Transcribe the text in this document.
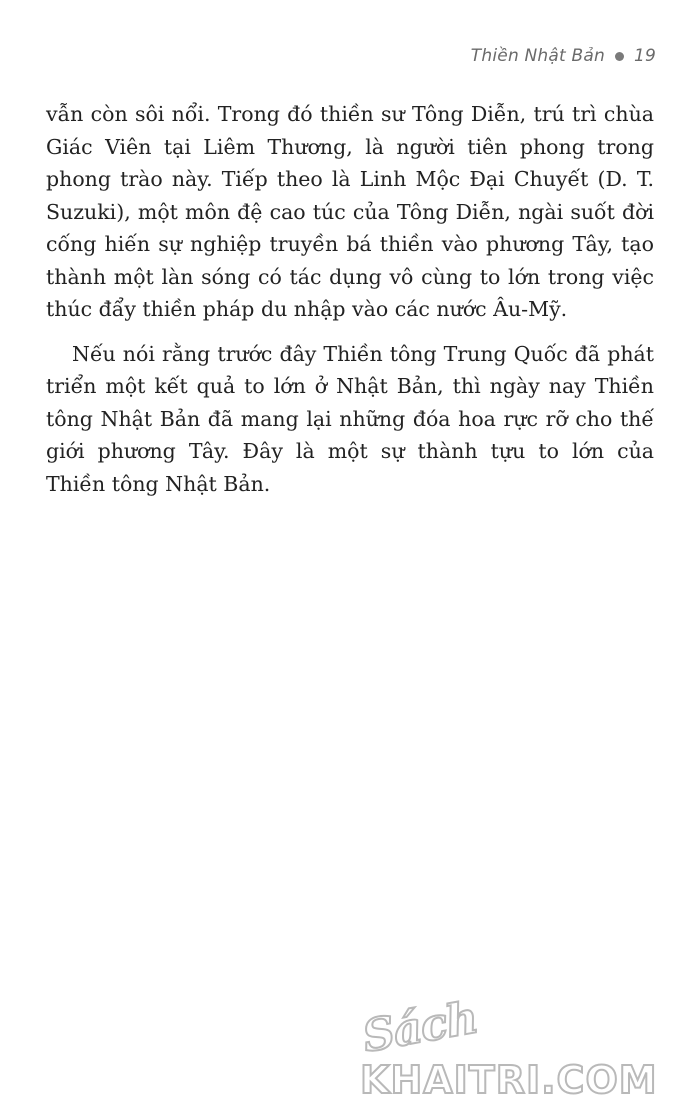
Thiền Nhật Bản 19

vẫn còn sôi nổi. Trong đó thiền sư Tông Diễn, trú trì chùa
Giác Viên tại Liêm Thương, là người tiên phong trong
phong trào này. Tiếp theo là Linh Mộc Đại Chuyết (D. T.
Suzuki), một môn đệ cao túc của Tông Diễn, ngài suốt đời
cống hiến sự nghiệp truyền bá thiền vào phương Tây, tạo
thành một làn sóng có tác dụng vô cùng to lớn trong việc
thúc đẩy thiền pháp du nhập vào các nước Âu-Mỹ.

Nếu nói rằng trước đây Thiền tông Trung Quốc đã phát
triển một kết quả to lớn ở Nhật Bản, thì ngày nay Thiền
tông Nhật Bản đã mang lại những đóa hoa rực rỡ cho thế
giới phương Tây. Đây là một sự thành tựu to lớn của
Thiền tông Nhật Bản.

Sách
KHAITRI.COM
